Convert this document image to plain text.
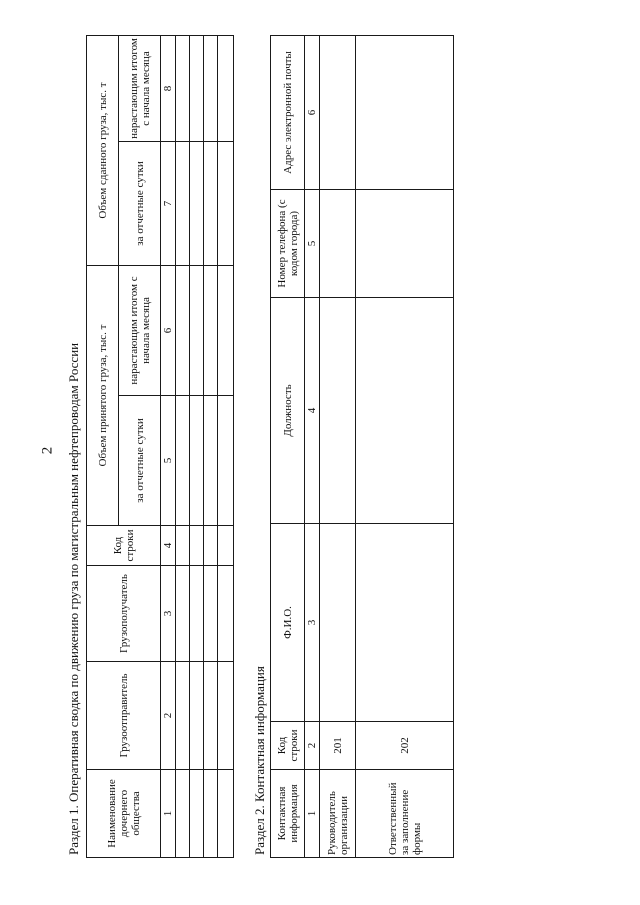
2 Раздел 1. Оперативная сводка по движению груза по магистральным нефтепроводам России Наименование дочернего общества	Грузоотправитель	Грузополучатель	Код строки	Объем принятого груза, тыс. т		Объем сданного груза, тыс. т	
				за отчетные сутки	нарастающим итогом с начала месяца	за отчетные сутки	нарастающим итогом с начала месяца
1	2	3	4	5	6	7	8

Раздел 2. Контактная информация Контактная информация	Код строки	Ф.И.О.	Должность	Номер телефона (с кодом города)	Адрес электронной почты
1	2	3	4	5	6
Руководитель организации	201				
Ответственный за заполнение формы	202				
